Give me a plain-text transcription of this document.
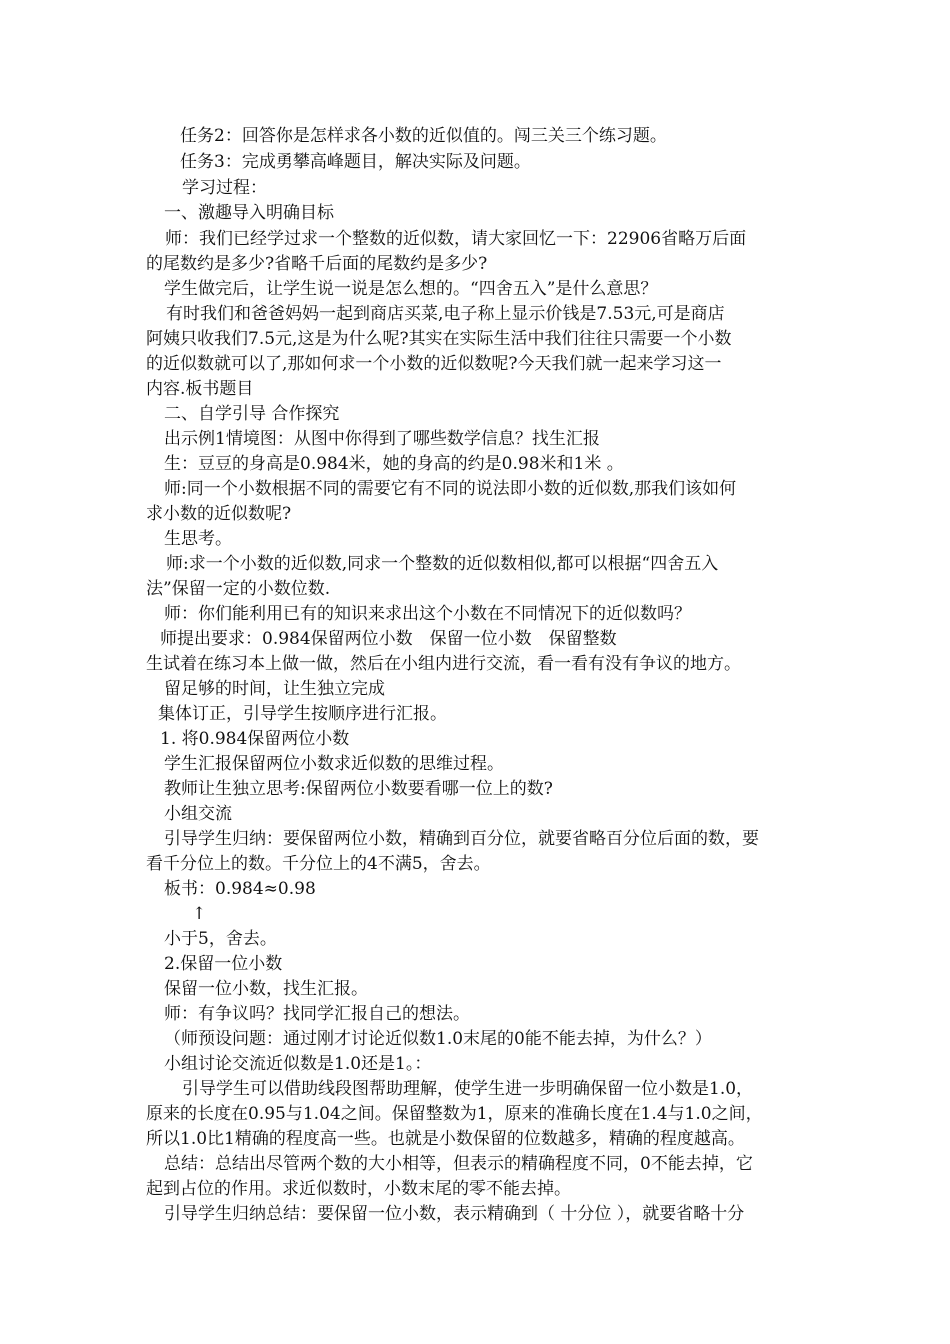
任务2：回答你是怎样求各小数的近似值的。闯三关三个练习题。
任务3：完成勇攀高峰题目，解决实际及问题。
学习过程：
一、激趣导入明确目标
师：我们已经学过求一个整数的近似数，请大家回忆一下：22906省略万后面
的尾数约是多少?省略千后面的尾数约是多少?
学生做完后，让学生说一说是怎么想的。“四舍五入”是什么意思？
有时我们和爸爸妈妈一起到商店买菜,电子称上显示价钱是7.53元,可是商店
阿姨只收我们7.5元,这是为什么呢?其实在实际生活中我们往往只需要一个小数
的近似数就可以了,那如何求一个小数的近似数呢?今天我们就一起来学习这一
内容.板书题目
二、自学引导 合作探究
出示例1情境图：从图中你得到了哪些数学信息？找生汇报
生：豆豆的身高是0.984米，她的身高的约是0.98米和1米 。
师:同一个小数根据不同的需要它有不同的说法即小数的近似数,那我们该如何
求小数的近似数呢?
生思考。
师:求一个小数的近似数,同求一个整数的近似数相似,都可以根据“四舍五入
法”保留一定的小数位数.
师：你们能利用已有的知识来求出这个小数在不同情况下的近似数吗？
师提出要求：0.984保留两位小数　保留一位小数　保留整数
生试着在练习本上做一做，然后在小组内进行交流，看一看有没有争议的地方。
留足够的时间，让生独立完成
集体订正，引导学生按顺序进行汇报。
1. 将0.984保留两位小数
学生汇报保留两位小数求近似数的思维过程。
教师让生独立思考:保留两位小数要看哪一位上的数?
小组交流
引导学生归纳：要保留两位小数，精确到百分位，就要省略百分位后面的数，要
看千分位上的数。千分位上的4不满5，舍去。
板书：0.984≈0.98
↑
小于5，舍去。
2.保留一位小数
保留一位小数，找生汇报。
师：有争议吗？找同学汇报自己的想法。
（师预设问题：通过刚才讨论近似数1.0末尾的0能不能去掉，为什么？）
小组讨论交流近似数是1.0还是1。：
引导学生可以借助线段图帮助理解，使学生进一步明确保留一位小数是1.0，
原来的长度在0.95与1.04之间。保留整数为1，原来的准确长度在1.4与1.0之间，
所以1.0比1精确的程度高一些。也就是小数保留的位数越多，精确的程度越高。
总结：总结出尽管两个数的大小相等，但表示的精确程度不同，0不能去掉，它
起到占位的作用。求近似数时，小数末尾的零不能去掉。
引导学生归纳总结：要保留一位小数，表示精确到（ 十分位 ），就要省略十分
